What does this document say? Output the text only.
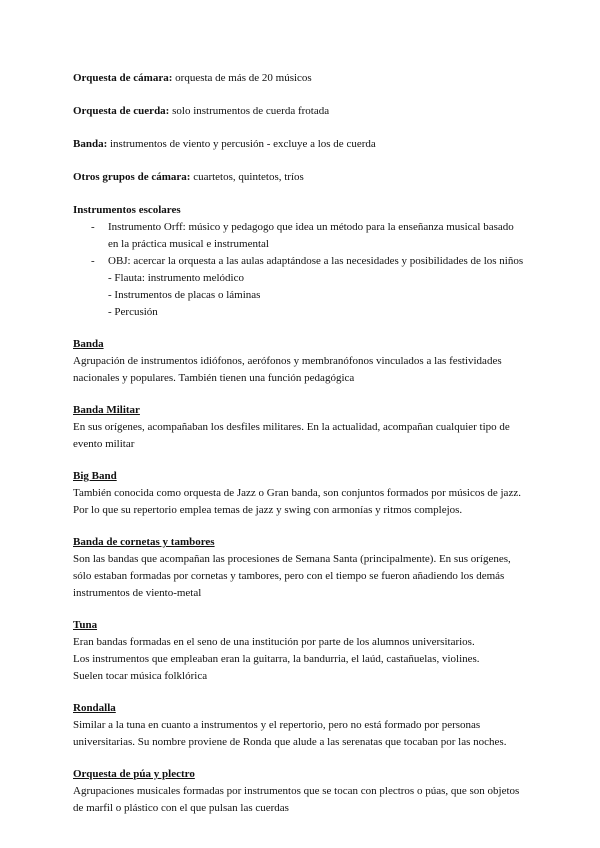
Orquesta de cámara: orquesta de más de 20 músicos

Orquesta de cuerda: solo instrumentos de cuerda frotada

Banda: instrumentos de viento y percusión - excluye a los de cuerda

Otros grupos de cámara: cuartetos, quintetos, tríos

Instrumentos escolares

- Instrumento Orff: músico y pedagogo que idea un método para la enseñanza musical basado
en la práctica musical e instrumental
- OBJ: acercar la orquesta a las aulas adaptándose a las necesidades y posibilidades de los niños
- Flauta: instrumento melódico
- Instrumentos de placas o láminas
- Percusión

Banda

Agrupación de instrumentos idiófonos, aerófonos y membranófonos vinculados a las festividades
nacionales y populares. También tienen una función pedagógica

Banda Militar

En sus orígenes, acompañaban los desfiles militares. En la actualidad, acompañan cualquier tipo de
evento militar

Big Band

También conocida como orquesta de Jazz o Gran banda, son conjuntos formados por músicos de jazz.
Por lo que su repertorio emplea temas de jazz y swing con armonías y ritmos complejos.

Banda de cornetas y tambores

Son las bandas que acompañan las procesiones de Semana Santa (principalmente). En sus orígenes,
sólo estaban formadas por cornetas y tambores, pero con el tiempo se fueron añadiendo los demás
instrumentos de viento-metal

Tuna

Eran bandas formadas en el seno de una institución por parte de los alumnos universitarios.
Los instrumentos que empleaban eran la guitarra, la bandurria, el laúd, castañuelas, violines.
Suelen tocar música folklórica

Rondalla

Similar a la tuna en cuanto a instrumentos y el repertorio, pero no está formado por personas
universitarias. Su nombre proviene de Ronda que alude a las serenatas que tocaban por las noches.

Orquesta de púa y plectro

Agrupaciones musicales formadas por instrumentos que se tocan con plectros o púas, que son objetos
de marfil o plástico con el que pulsan las cuerdas
